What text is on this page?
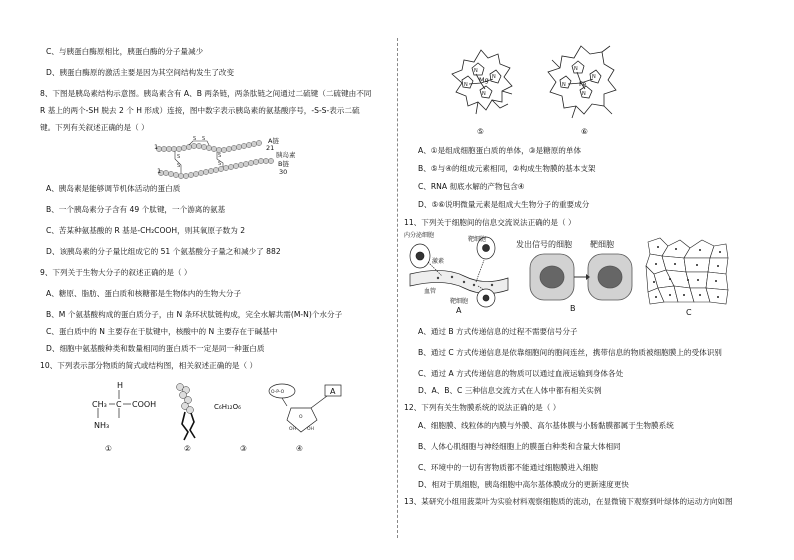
C、与胰蛋白酶原相比，胰蛋白酶的分子量减少
D、胰蛋白酶原的激活主要是因为其空间结构发生了改变
8、下图是胰岛素结构示意图。胰岛素含有 A、B 两条链，两条肽链之间通过二硫键（二硫键由不同
R 基上的两个-SH 脱去 2 个 H 形成）连接，图中数字表示胰岛素的氨基酸序号，-S-S-表示二硫
键。下列有关叙述正确的是（ ）
S
S
S
S
S S
1
1
A链
21
胰岛素
B链
30
A、胰岛素是能够调节机体活动的蛋白质
B、一个胰岛素分子含有 49 个肽键，一个游离的氨基
C、苦某种氨基酸的 R 基是-CH₂COOH，则其氧原子数为 2
D、该胰岛素的分子量比组成它的 51 个氨基酸分子量之和减少了 882
9、下列关于生物大分子的叙述正确的是（ ）
A、糖原、脂肪、蛋白质和核糖都是生物体内的生物大分子
B、M 个氨基酸构成的蛋白质分子，由 N 条环状肽链构成，完全水解共需(M-N)个水分子
C、蛋白质中的 N 主要存在于肽键中，核酸中的 N 主要存在于碱基中
D、细胞中氨基酸种类和数量相同的蛋白质不一定是同一种蛋白质
10、下列表示部分物质的简式或结构图，相关叙述正确的是（ ）
H
CH₃ C COOH
NH₃
C₆H₁₂O₆
O-P-O
O
OH OH
A
①	②	③	④
N
N
N
N
Mg
N
N
N
N Fe
⑤	⑥
A、①是组成细胞蛋白质的单体，③是糖原的单体
B、⑤与④的组成元素相同，②构成生物膜的基本支架
C、RNA 彻底水解的产物包含④
D、⑤⑥说明微量元素是组成大生物分子的重要成分
11、下列关于细胞间的信息交流说法正确的是（ ）
内分泌细胞
靶细胞
激素
血管
靶细胞
A
发出信号的细胞 靶细胞
B	C
A、通过 B 方式传递信息的过程不需要信号分子
B、通过 C 方式传递信息是依靠细胞间的胞间连丝，携带信息的物质被细胞膜上的受体识别
C、通过 A 方式传递信息的物质可以通过血液运输到身体各处
D、A、B、C 三种信息交流方式在人体中都有相关实例
12、下列有关生物膜系统的说法正确的是（ ）
A、细胞膜、线粒体的内膜与外膜、高尔基体膜与小肠黏膜都属于生物膜系统
B、人体心肌细胞与神经细胞上的膜蛋白种类和含量大体相同
C、环境中的一切有害物质都不能通过细胞膜进入细胞
D、相对于肌细胞，胰岛细胞中高尔基体膜成分的更新速度更快
13、某研究小组用菠菜叶为实验材料观察细胞质的流动，在显微镜下观察到叶绿体的运动方向如图
